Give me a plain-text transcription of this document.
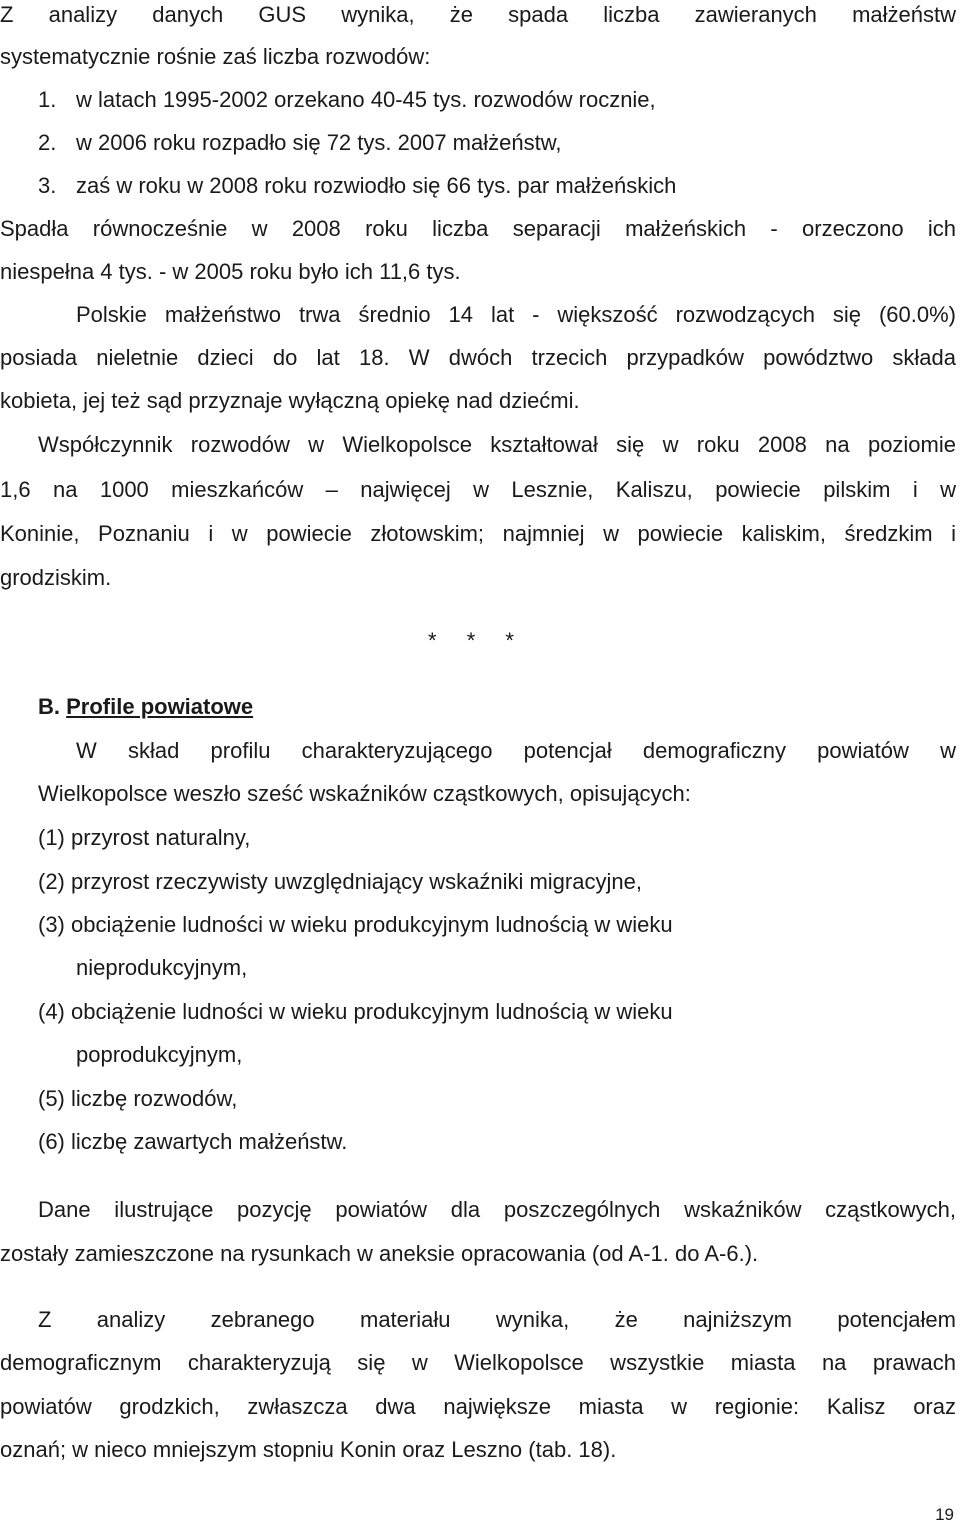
Z analizy danych GUS wynika, że spada liczba zawieranych małżeństw
systematycznie rośnie zaś liczba rozwodów:
1. w latach 1995-2002 orzekano 40-45 tys. rozwodów rocznie,
2. w 2006 roku rozpadło się 72 tys. 2007 małżeństw,
3. zaś w roku w 2008 roku rozwiodło się 66 tys. par małżeńskich
Spadła równocześnie w 2008 roku liczba separacji małżeńskich - orzeczono ich
niespełna 4 tys. - w 2005 roku było ich 11,6 tys.
Polskie małżeństwo trwa średnio 14 lat - większość rozwodzących się (60.0%)
posiada nieletnie dzieci do lat 18. W dwóch trzecich przypadków powództwo składa
kobieta, jej też sąd przyznaje wyłączną opiekę nad dziećmi.
Współczynnik rozwodów w Wielkopolsce kształtował się w roku 2008 na poziomie
1,6 na 1000 mieszkańców – najwięcej w Lesznie, Kaliszu, powiecie pilskim i w
Koninie, Poznaniu i w powiecie złotowskim; najmniej w powiecie kaliskim, średzkim i
grodziskim.
* * *
B. Profile powiatowe
W skład profilu charakteryzującego potencjał demograficzny powiatów w
Wielkopolsce weszło sześć wskaźników cząstkowych, opisujących:
(1) przyrost naturalny,
(2) przyrost rzeczywisty uwzględniający wskaźniki migracyjne,
(3) obciążenie ludności w wieku produkcyjnym ludnością w wieku
nieprodukcyjnym,
(4) obciążenie ludności w wieku produkcyjnym ludnością w wieku
poprodukcyjnym,
(5) liczbę rozwodów,
(6) liczbę zawartych małżeństw.
Dane ilustrujące pozycję powiatów dla poszczególnych wskaźników cząstkowych,
zostały zamieszczone na rysunkach w aneksie opracowania (od A-1. do A-6.).
Z analizy zebranego materiału wynika, że najniższym potencjałem
demograficznym charakteryzują się w Wielkopolsce wszystkie miasta na prawach
powiatów grodzkich, zwłaszcza dwa największe miasta w regionie: Kalisz oraz
oznań; w nieco mniejszym stopniu Konin oraz Leszno (tab. 18).
19
